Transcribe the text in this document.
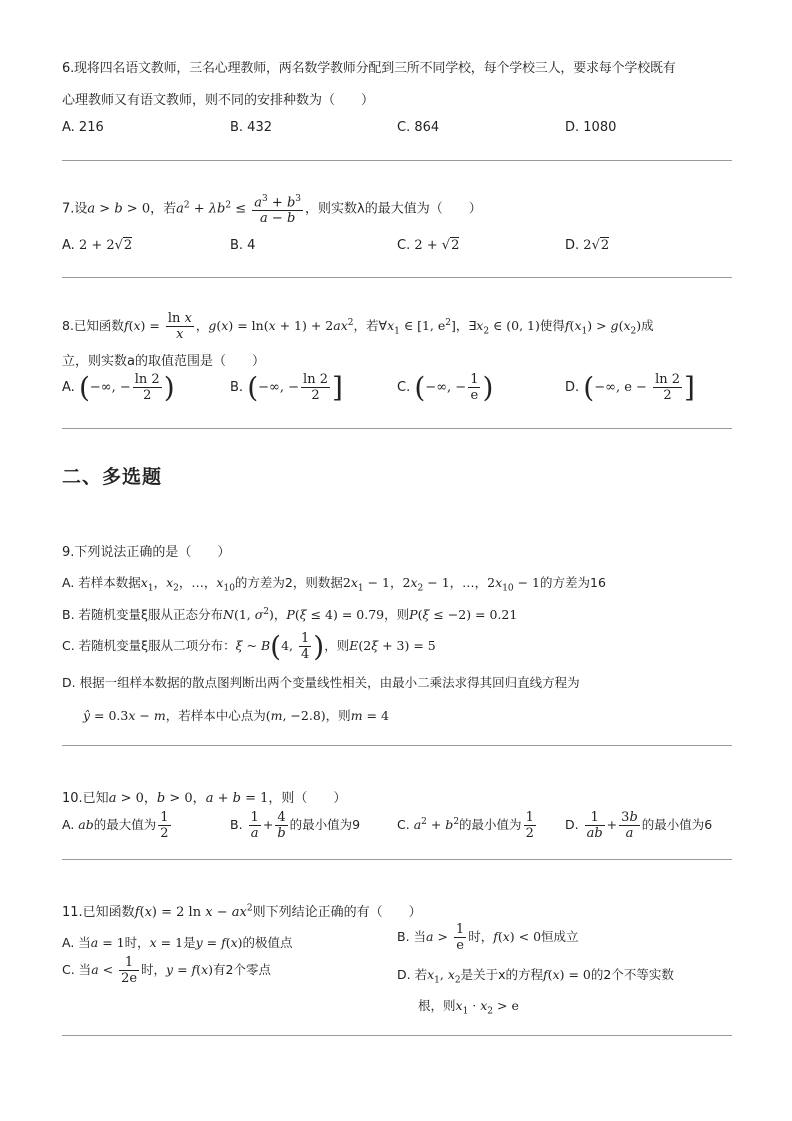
6.现将四名语文教师，三名心理教师，两名数学教师分配到三所不同学校，每个学校三人，要求每个学校既有
心理教师又有语文教师，则不同的安排种数为（　　）
A. 216	B. 432	C. 864	D. 1080
7.设a > b > 0，若$a^2 + \lambda b^2 \le \frac{a^3 + b^3}{a - b}$ ，则实数λ的最大值为（　　）
A. 2 + 2√2	B. 4	C. 2 + √2	D. 2√2
8.已知函数$f(x) = \frac{\text{ln x}}{x}$ ，$g(x) = \ln(x + 1) + 2ax^2$，若$\forall x_1$ ∈ [1, $e^2$]，$\exists x_2$ ∈ (0, 1)使得$f(x_1) > g(x_2)$成
立，则实数a的取值范围是（　　）
A. (−∞, − $\frac{\ln 2}{2}$ )	B. (−∞, − $\frac{\ln 2}{2}$ ]	C. (−∞, − $\frac{1}{e}$ )	D. (−∞, $e - \frac{\ln 2}{2}$ ]
二、多选题
9.下列说法正确的是（　　）
A. 若样本数据$x_1$，$x_2$，…，$x_{10}$的方差为2，则数据$2x_1 - 1$，$2x_2 - 1$，…，$2x_{10} - 1$的方差为16
B. 若随机变量ξ服从正态分布N(1, $\sigma^2$)，P(ξ ≤ 4) = 0.79，则P(ξ ≤ −2) = 0.21
C. 若随机变量ξ服从二项分布：ξ ~ B(4, $\frac{1}{4}$ )，则E(2ξ + 3) = 5
D. 根据一组样本数据的散点图判断出两个变量线性相关，由最小二乘法求得其回归直线方程为
ŷ = 0.3x − m，若样本中心点为(m, −2.8)，则m = 4
10.已知a > 0，b > 0，a + b = 1，则（　　）
A. ab的最大值为 $\frac{1}{2}$	B. $\frac{1}{a} + \frac{4}{b}$ 的最小值为9	C. $a^2 + b^2$的最小值为 $\frac{1}{2} D$. $\frac{1}{ab} + \frac{3b}{a}$ 的最小值为6
11.已知函数f(x) = 2 $\ln x - ax^2$则下列结论正确的有（　　）
A. 当a = 1时，x = 1是y = f(x)的极值点	B. 当$a > \frac{1}{e}$ 时，f(x) < 0恒成立
C. 当$a < \frac{1}{2e}$ 时，y = f(x)有2个零点	D. 若$x_1$, $x_2$是关于x的方程f(x) = 0的2个不等实数
根，则$x_1 \cdot x_2 > e$
